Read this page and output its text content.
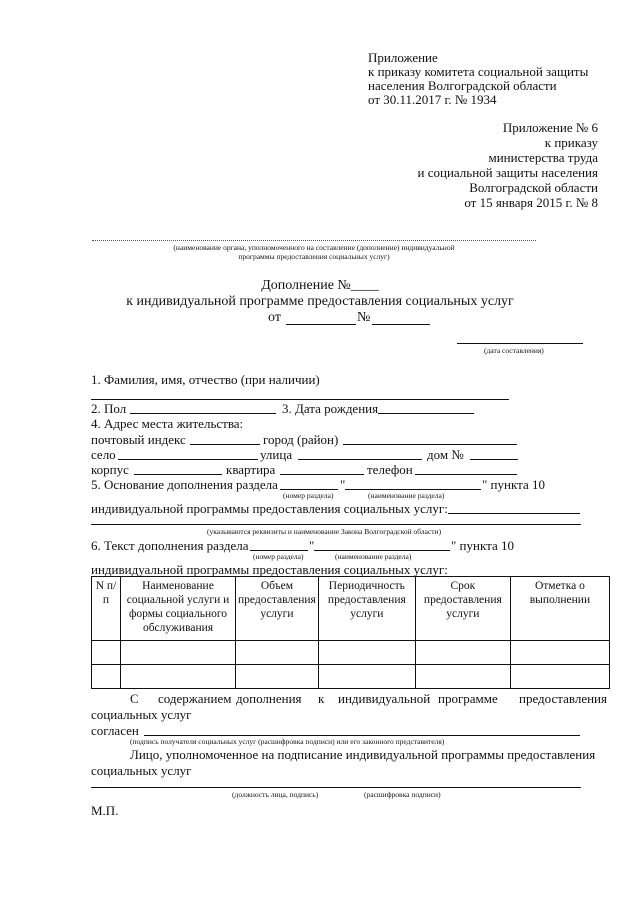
Приложение
к приказу комитета социальной защиты
населения Волгоградской области
от 30.11.2017 г. № 1934
Приложение № 6
к приказу
министерства труда
и социальной защиты населения
Волгоградской области
от 15 января 2015 г. № 8
(наименование органа, уполномоченного на составление (дополнение) индивидуальной
программы предоставления социальных услуг)
Дополнение №____
к индивидуальной программе предоставления социальных услуг
от	№
(дата составления)
1. Фамилия, имя, отчество (при наличии)
2. Пол	3. Дата рождения
4. Адрес места жительства:
почтовый индекс	город (район)
село	улица	дом №
корпус	квартира	телефон
5. Основание дополнения раздела	"	" пункта 10
(номер раздела)	(наименование раздела)
индивидуальной программы предоставления социальных услуг:
(указываются реквизиты и наименование Закона Волгоградской области)
6. Текст дополнения раздела	"	" пункта 10
(номер раздела)	(наименование раздела)
индивидуальной программы предоставления социальных услуг:
N п/п	Наименование социальной услуги и формы социального обслуживания	Объем предоставления услуги	Периодичность предоставления услуги	Срок предоставления услуги	Отметка о выполнении

С содержанием дополнения к индивидуальной программе предоставления
социальных услуг
согласен
(подпись получателя социальных услуг (расшифровка подписи) или его законного представителя)
Лицо, уполномоченное на подписание индивидуальной программы предоставления
социальных услуг
(должность лица, подпись)	(расшифровка подписи)
М.П.
